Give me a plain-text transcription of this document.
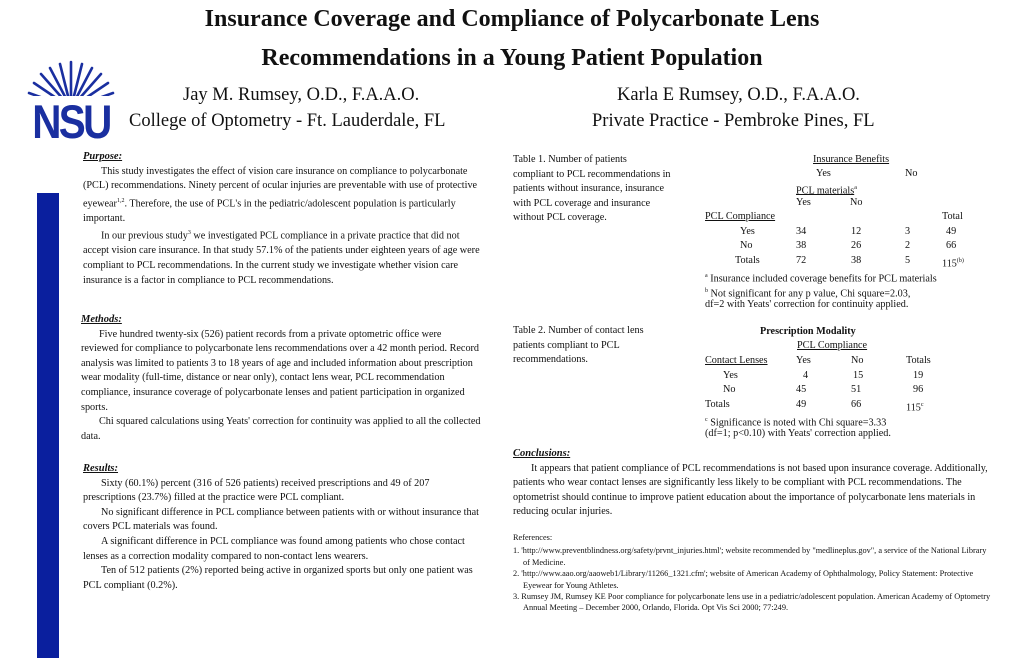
Insurance Coverage and Compliance of Polycarbonate Lens
Recommendations in a Young Patient Population
NSU	Jay M. Rumsey, O.D., F.A.A.O.
College of Optometry - Ft. Lauderdale, FL
Karla E Rumsey, O.D., F.A.A.O.
Private Practice - Pembroke Pines, FL
Purpose:

This study investigates the effect of vision care insurance on compliance to polycarbonate (PCL) recommendations. Ninety percent of ocular injuries are preventable with use of protective eyewear$^{1,2}$. Therefore, the use of PCL's in the pediatric/adolescent population is particularly important.

In our previous study$^3$ we investigated PCL compliance in a private practice that did not accept vision care insurance. In that study 57.1% of the patients under eighteen years of age were compliant to PCL recommendations. In the current study we investigate whether vision care insurance is a factor in compliance to PCL recommendations.

Methods:

Five hundred twenty-six (526) patient records from a private optometric office were reviewed for compliance to polycarbonate lens recommendations over a 42 month period. Record analysis was limited to patients 3 to 18 years of age and included information about prescription wear modality (full-time, distance or near only), contact lens wear, PCL recommendation compliance, insurance coverage of polycarbonate lenses and patient participation in organized sports.

Chi squared calculations using Yeats' correction for continuity was applied to all the collected data.

Results:

Sixty (60.1%) percent (316 of 526 patients) received prescriptions and 49 of 207 prescriptions (23.7%) filled at the practice were PCL compliant.

No significant difference in PCL compliance between patients with or without insurance that covers PCL materials was found.

A significant difference in PCL compliance was found among patients who chose contact lenses as a correction modality compared to non-contact lens wearers.

Ten of 512 patients (2%) reported being active in organized sports but only one patient was PCL compliant (0.2%).

Table 1. Number of patients
compliant to PCL recommendations in
patients without insurance, insurance
with PCL coverage and insurance
without PCL coverage.
Insurance Benefits
Yes	No
PCL materials$^a$
Yes	No
PCL Compliance	Total
Yes	34	12	3	49
No	38	26	2	66
Totals	72	38	5	115$^{(b)}$
$^a$ Insurance included coverage benefits for PCL materials
$^b$ Not significant for any p value, Chi square=2.03,
df=2 with Yeats' correction for continuity applied.
Table 2. Number of contact lens
patients compliant to PCL
recommendations.
Prescription Modality
PCL Compliance
Contact Lenses	Yes	No	Totals
Yes	4	15	19
No	45	51	96
Totals	49	66	115$^c$
$^c$ Significance is noted with Chi square=3.33
(df=1; p<0.10) with Yeats' correction applied.
Conclusions:

It appears that patient compliance of PCL recommendations is not based upon insurance coverage. Additionally, patients who wear contact lenses are significantly less likely to be compliant with PCL recommendations. The optometrist should continue to improve patient education about the importance of polycarbonate lens materials in reducing ocular injuries.

References:
1. 'http://www.preventblindness.org/safety/prvnt_injuries.html'; website recommended by "medlineplus.gov", a service of the National Library of Medicine.
2. 'http://www.aao.org/aaoweb1/Library/11266_1321.cfm'; website of American Academy of Ophthalmology, Policy Statement: Protective Eyewear for Young Athletes.
3. Rumsey JM, Rumsey KE Poor compliance for polycarbonate lens use in a pediatric/adolescent population. American Academy of Optometry Annual Meeting – December 2000, Orlando, Florida. Opt Vis Sci 2000; 77:249.
